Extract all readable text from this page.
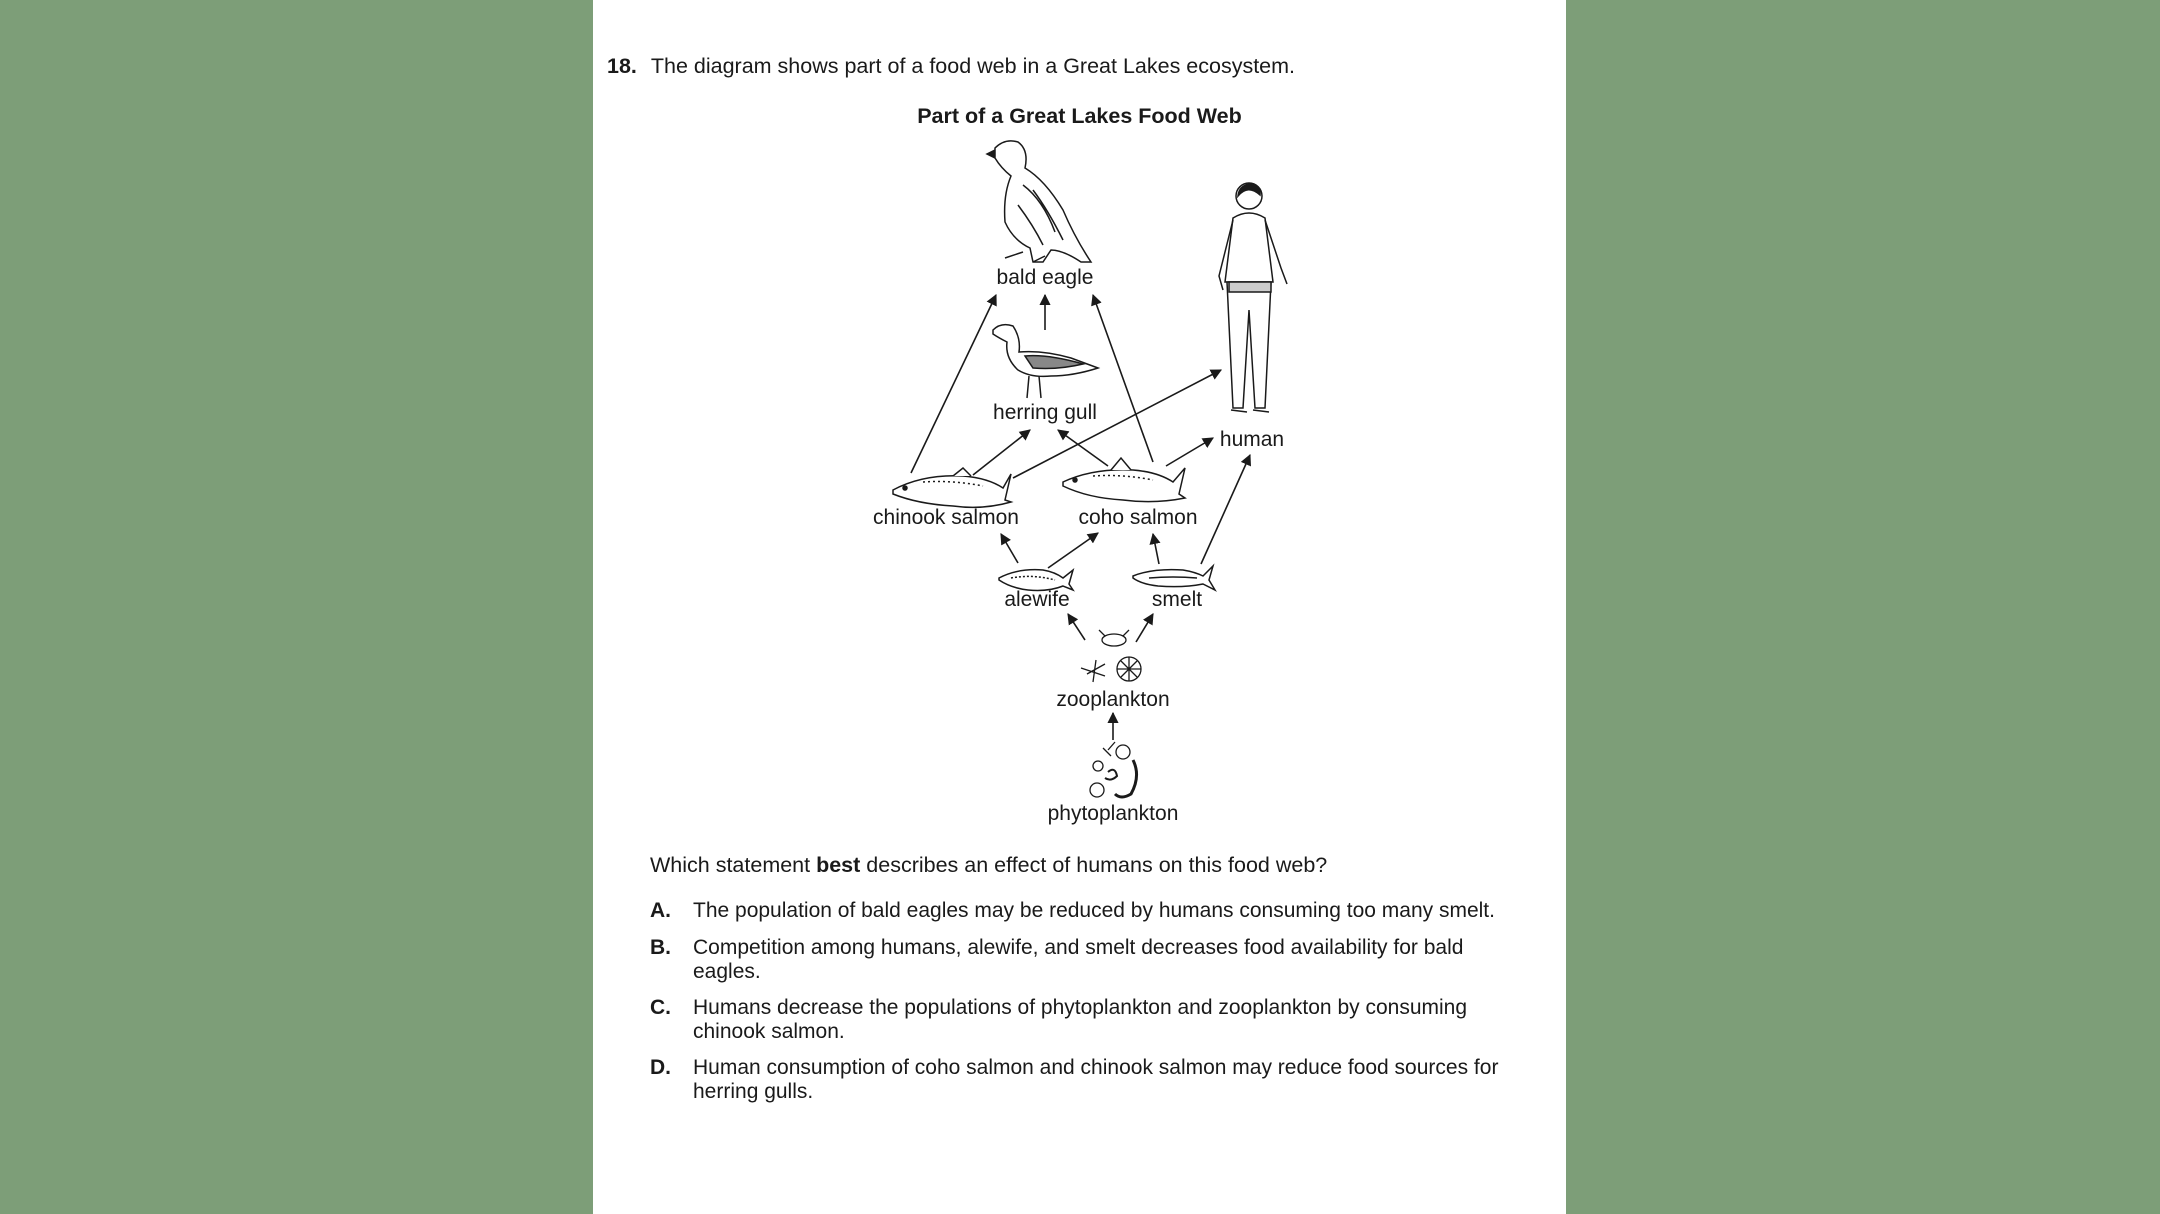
18. The diagram shows part of a food web in a Great Lakes ecosystem.
Part of a Great Lakes Food Web
bald eagle
herring gull
human
chinook salmon	coho salmon
alewife	smelt
zooplankton
phytoplankton
Which statement best describes an effect of humans on this food web?
A. The population of bald eagles may be reduced by humans consuming too many smelt.
B. Competition among humans, alewife, and smelt decreases food availability for bald eagles.
C. Humans decrease the populations of phytoplankton and zooplankton by consuming chinook salmon.
D. Human consumption of coho salmon and chinook salmon may reduce food sources for herring gulls.
